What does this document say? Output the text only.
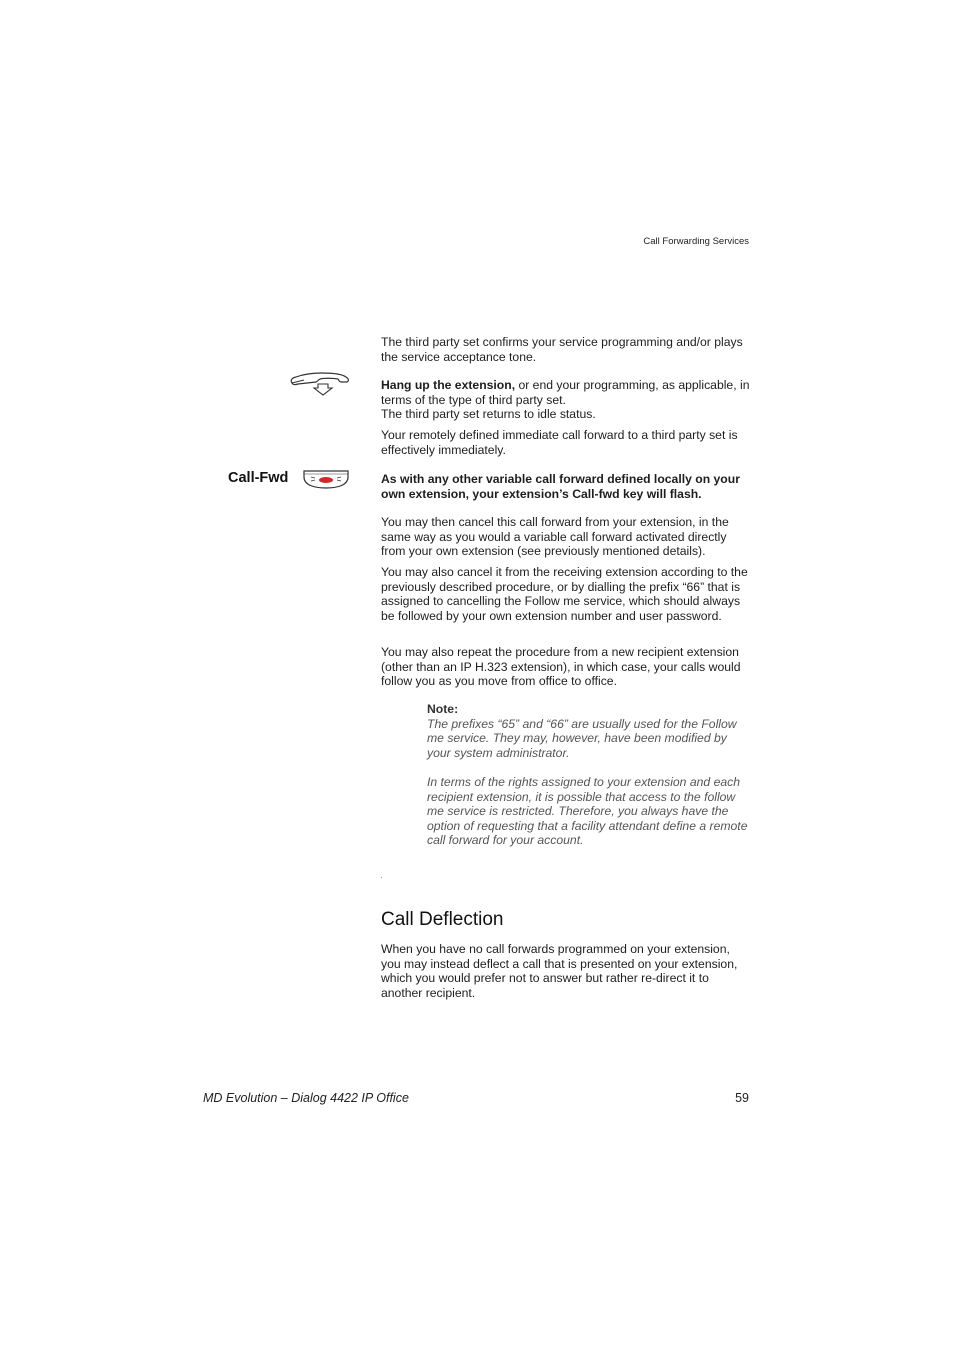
Call Forwarding Services

The third party set confirms your service programming and/or plays the service acceptance tone.

Hang up the extension, or end your programming, as applicable, in terms of the type of third party set.

The third party set returns to idle status.

Your remotely defined immediate call forward to a third party set is effectively immediately.

Call-Fwd	As with any other variable call forward defined locally on your own extension, your extension’s Call-fwd key will flash.

You may then cancel this call forward from your extension, in the same way as you would a variable call forward activated directly from your own extension (see previously mentioned details).

You may also cancel it from the receiving extension according to the previously described procedure, or by dialling the prefix “66” that is assigned to cancelling the Follow me service, which should always be followed by your own extension number and user password.

You may also repeat the procedure from a new recipient extension (other than an IP H.323 extension), in which case, your calls would follow you as you move from office to office.

Note:

The prefixes “65” and “66” are usually used for the Follow me service. They may, however, have been modified by your system administrator.

In terms of the rights assigned to your extension and each recipient extension, it is possible that access to the follow me service is restricted. Therefore, you always have the option of requesting that a facility attendant define a remote call forward for your account.

Call Deflection

When you have no call forwards programmed on your extension, you may instead deflect a call that is presented on your extension, which you would prefer not to answer but rather re-direct it to another recipient.

MD Evolution – Dialog 4422 IP Office	59
